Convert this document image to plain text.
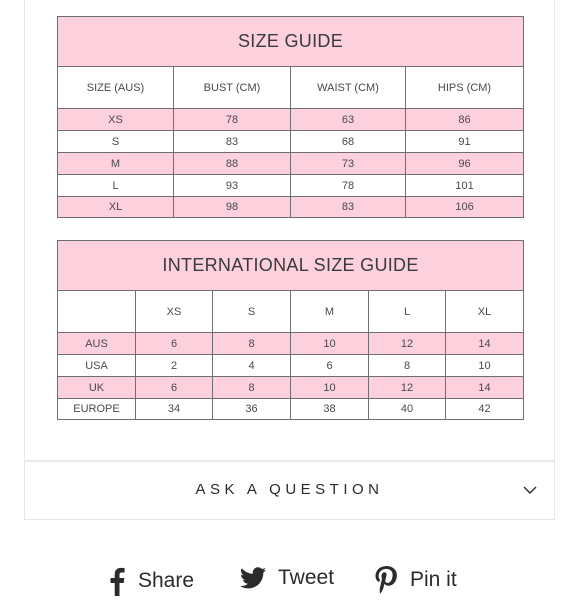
SIZE GUIDE			
SIZE (AUS)	BUST (CM)	WAIST (CM)	HIPS (CM)
XS	78	63	86
S	83	68	91
M	88	73	96
L	93	78	101
XL	98	83	106
INTERNATIONAL SIZE GUIDE					
	XS	S	M	L	XL
AUS	6	8	10	12	14
USA	2	4	6	8	10
UK	6	8	10	12	14
EUROPE	34	36	38	40	42
ASK A QUESTION
Share	Tweet	Pin it
